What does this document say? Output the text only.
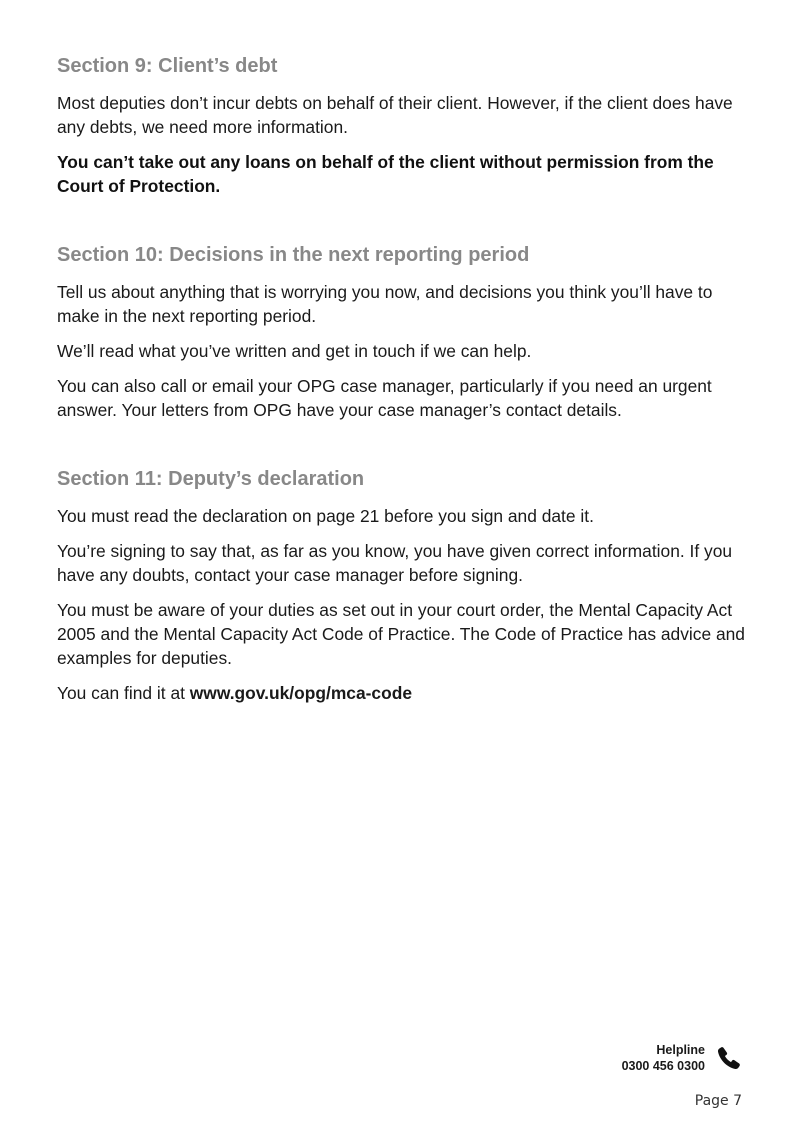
Section 9: Client’s debt

Most deputies don’t incur debts on behalf of their client. However, if the client does have any debts, we need more information.

You can’t take out any loans on behalf of the client without permission from the Court of Protection.

Section 10: Decisions in the next reporting period

Tell us about anything that is worrying you now, and decisions you think you’ll have to make in the next reporting period.

We’ll read what you’ve written and get in touch if we can help.

You can also call or email your OPG case manager, particularly if you need an urgent answer. Your letters from OPG have your case manager’s contact details.

Section 11: Deputy’s declaration

You must read the declaration on page 21 before you sign and date it.

You’re signing to say that, as far as you know, you have given correct information. If you have any doubts, contact your case manager before signing.

You must be aware of your duties as set out in your court order, the Mental Capacity Act 2005 and the Mental Capacity Act Code of Practice. The Code of Practice has advice and examples for deputies.

You can find it at www.gov.uk/opg/mca-code

Helpline
0300 456 0300
Page 7
